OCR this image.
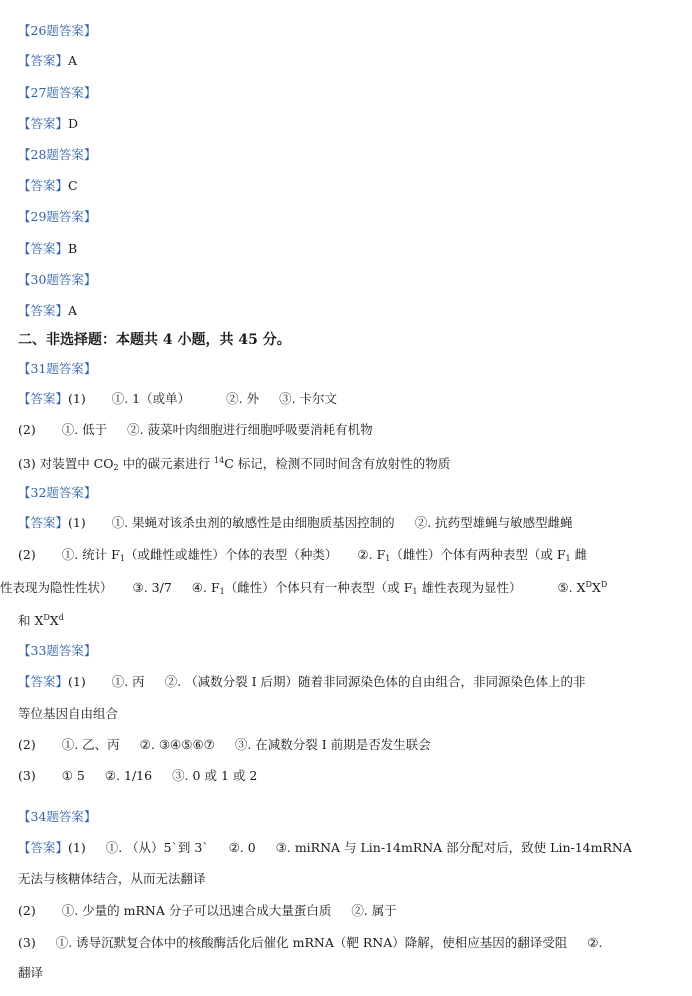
【26题答案】
【答案】A
【27题答案】
【答案】D
【28题答案】
【答案】C
【29题答案】
【答案】B
【30题答案】
【答案】A
二、非选择题：本题共 4 小题，共 45 分。
【31题答案】
【答案】(1) ①. 1（或单）	②. 外 ③. 卡尔文
(2) ①. 低于 ②. 菠菜叶肉细胞进行细胞呼吸要消耗有机物
(3) 对装置中 $CO_2$ 中的碳元素进行 $^{14}$C 标记，检测不同时间含有放射性的物质
【32题答案】
【答案】(1) ①. 果蝇对该杀虫剂的敏感性是由细胞质基因控制的 ②. 抗药型雄蝇与敏感型雌蝇
(2) ①. 统计 $F_1$（或雌性或雄性）个体的表型（种类） ②. $F_1$（雌性）个体有两种表型（或 $F_1$ 雌
性表现为隐性性状） ③. 3/7 ④. $F_1$（雌性）个体只有一种表型（或 $F_1$ 雄性表现为显性）	⑤. $X^DX^D$
和 $X^DX^d$
【33题答案】
【答案】(1) ①. 丙 ②. （减数分裂 I 后期）随着非同源染色体的自由组合，非同源染色体上的非
等位基因自由组合
(2) ①. 乙、丙 ②. ③④⑤⑥⑦ ③. 在减数分裂 I 前期是否发生联会
(3) ① 5 ②. 1/16 ③. 0 或 1 或 2
【34题答案】
【答案】(1) ①. （从）5`到 3` ②. 0 ③. miRNA 与 Lin-14mRNA 部分配对后，致使 Lin-14mRNA
无法与核糖体结合，从而无法翻译
(2) ①. 少量的 mRNA 分子可以迅速合成大量蛋白质 ②. 属于
(3) ①. 诱导沉默复合体中的核酸酶活化后催化 mRNA（靶 RNA）降解，使相应基因的翻译受阻 ②.
翻译
